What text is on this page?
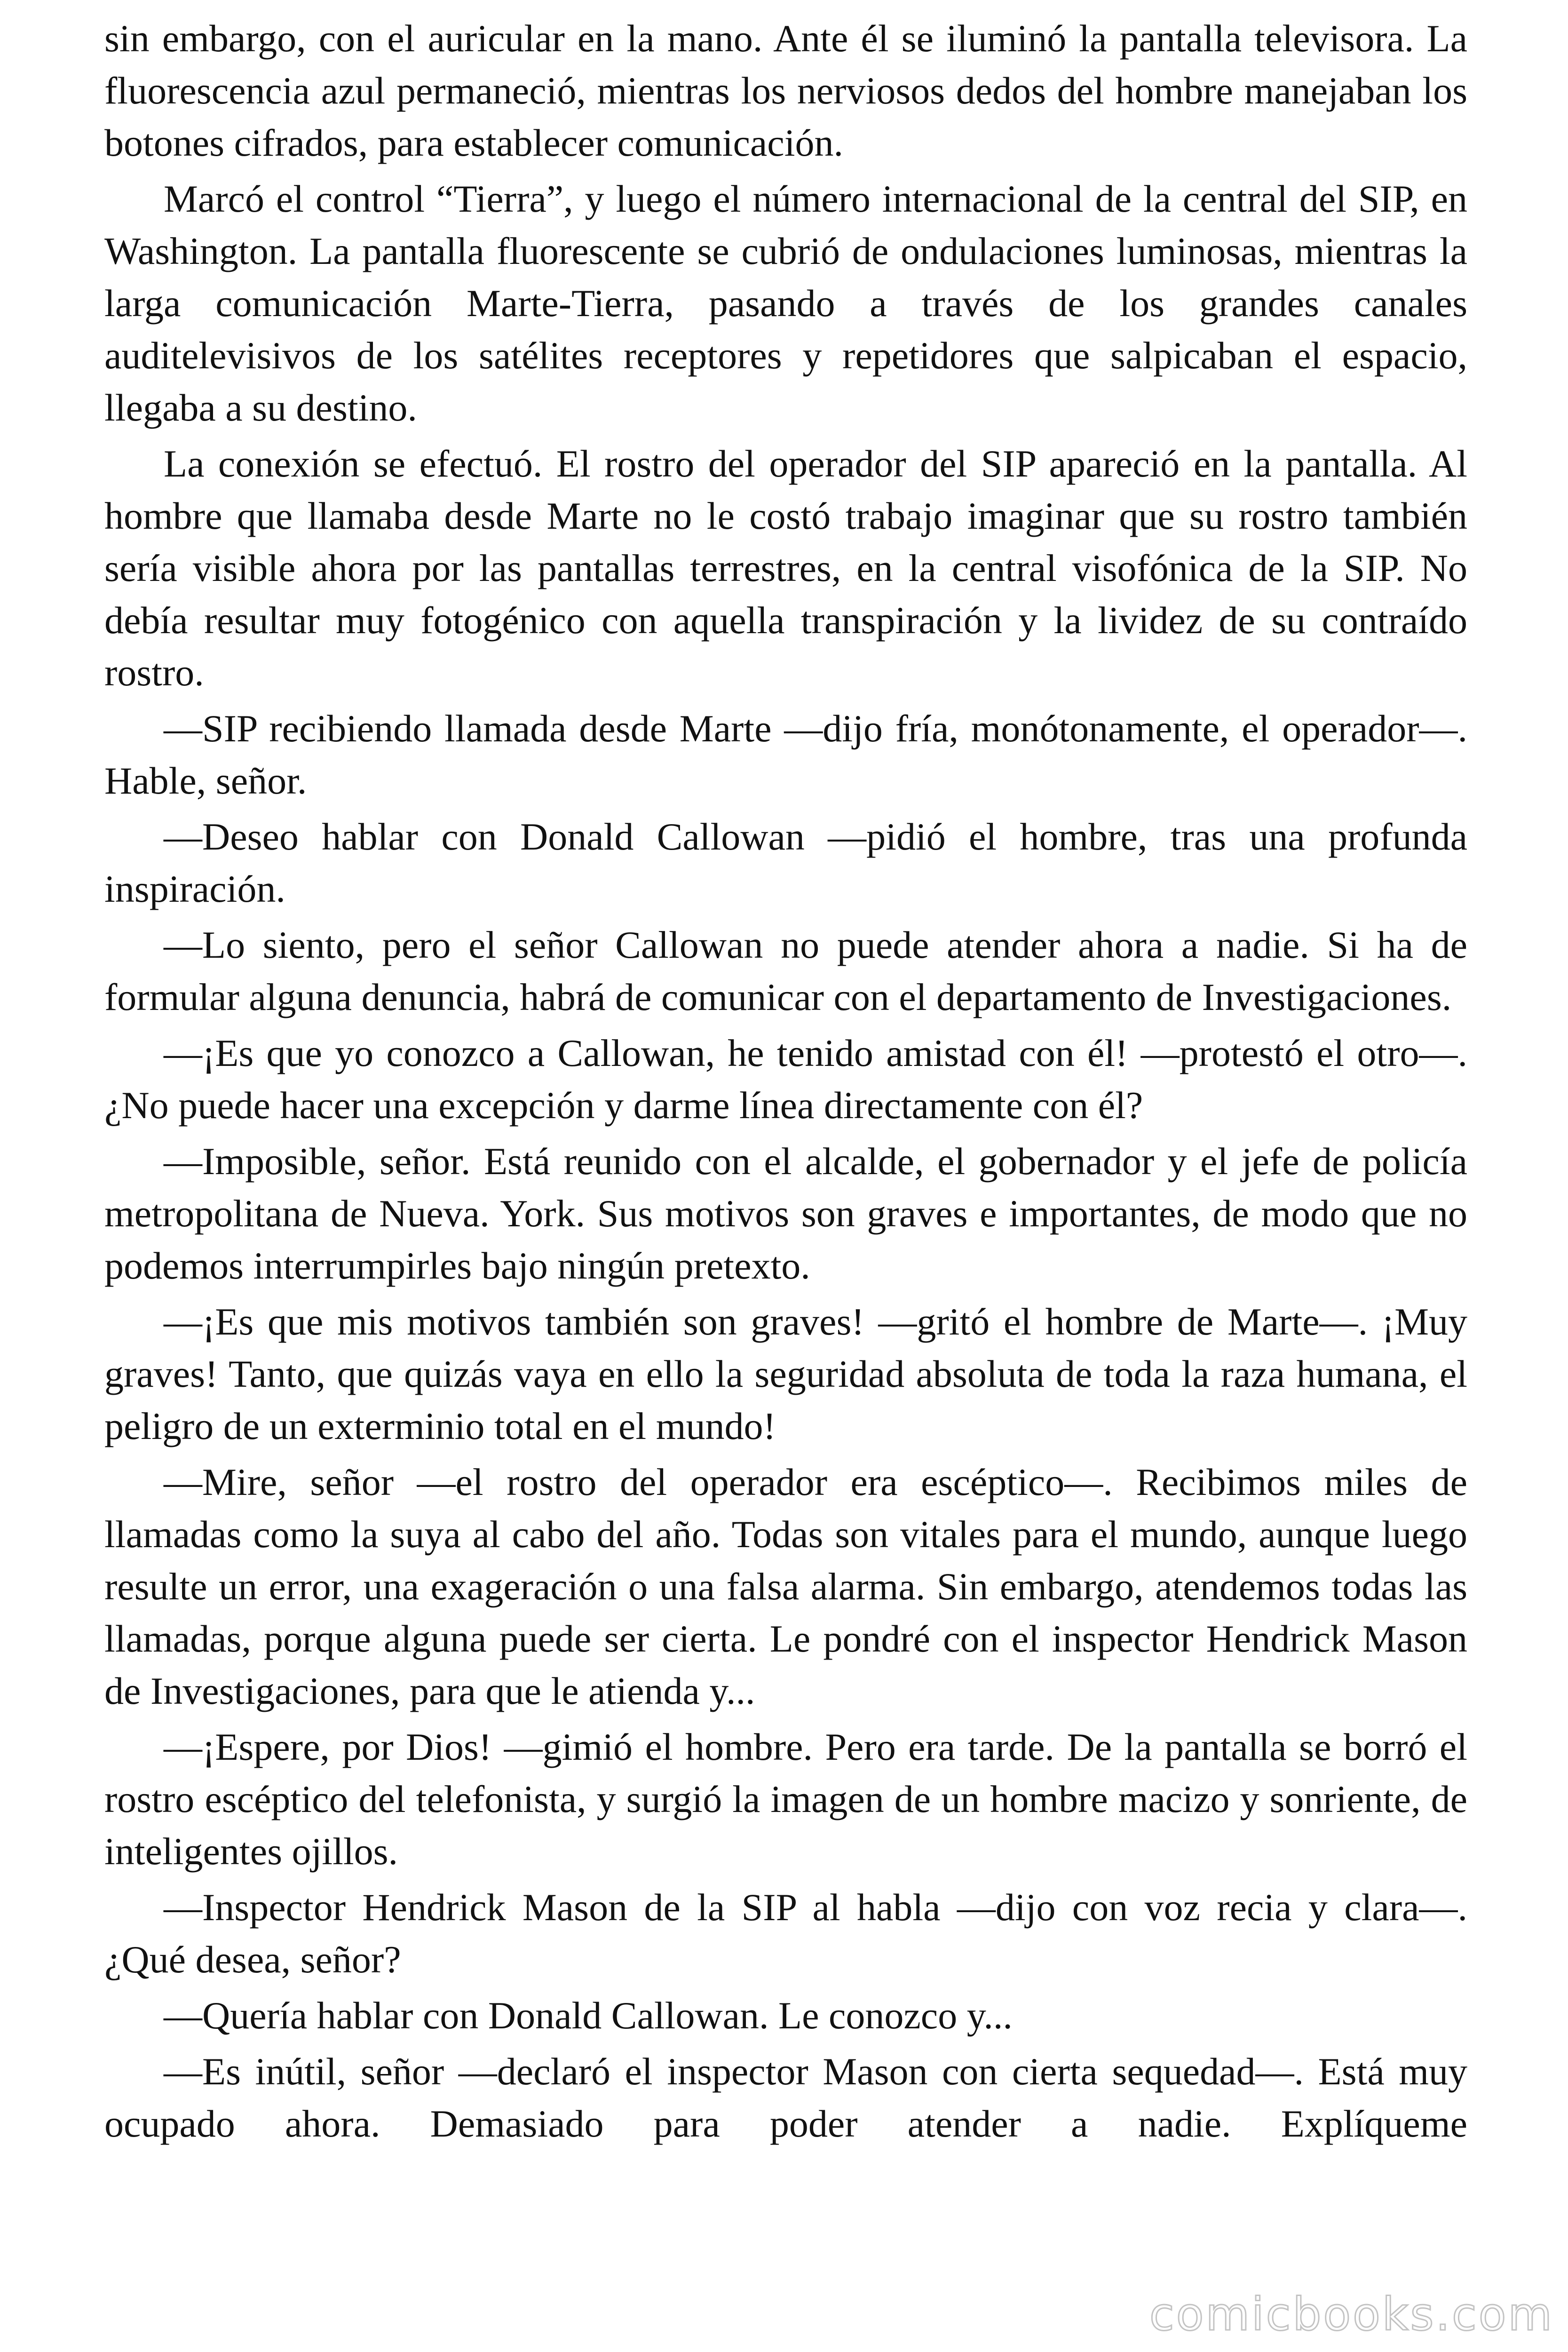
sin embargo, con el auricular en la mano. Ante él se iluminó la pantalla televisora. La fluorescencia azul permaneció, mientras los nerviosos dedos del hombre manejaban los botones cifrados, para establecer comunicación.

Marcó el control “Tierra”, y luego el número internacional de la central del SIP, en Washington. La pantalla fluorescente se cubrió de ondulaciones luminosas, mientras la larga comunicación Marte-Tierra, pasando a través de los grandes canales auditelevisivos de los satélites receptores y repetidores que salpicaban el espacio, llegaba a su destino.

La conexión se efectuó. El rostro del operador del SIP apareció en la pantalla. Al hombre que llamaba desde Marte no le costó trabajo imaginar que su rostro también sería visible ahora por las pantallas terrestres, en la central visofónica de la SIP. No debía resultar muy fotogénico con aquella transpiración y la lividez de su contraído rostro.

—SIP recibiendo llamada desde Marte —dijo fría, monótonamente, el operador—. Hable, señor.

—Deseo hablar con Donald Callowan —pidió el hombre, tras una profunda inspiración.

—Lo siento, pero el señor Callowan no puede atender ahora a nadie. Si ha de formular alguna denuncia, habrá de comunicar con el departamento de Investigaciones.

—¡Es que yo conozco a Callowan, he tenido amistad con él! —protestó el otro—. ¿No puede hacer una excepción y darme línea directamente con él?

—Imposible, señor. Está reunido con el alcalde, el gobernador y el jefe de policía metropolitana de Nueva. York. Sus motivos son graves e importantes, de modo que no podemos interrumpirles bajo ningún pretexto.

—¡Es que mis motivos también son graves! —gritó el hombre de Marte—. ¡Muy graves! Tanto, que quizás vaya en ello la seguridad absoluta de toda la raza humana, el peligro de un exterminio total en el mundo!

—Mire, señor —el rostro del operador era escéptico—. Recibimos miles de llamadas como la suya al cabo del año. Todas son vitales para el mundo, aunque luego resulte un error, una exageración o una falsa alarma. Sin embargo, atendemos todas las llamadas, porque alguna puede ser cierta. Le pondré con el inspector Hendrick Mason de Investigaciones, para que le atienda y...

—¡Espere, por Dios! —gimió el hombre. Pero era tarde. De la pantalla se borró el rostro escéptico del telefonista, y surgió la imagen de un hombre macizo y sonriente, de inteligentes ojillos.

—Inspector Hendrick Mason de la SIP al habla —dijo con voz recia y clara—. ¿Qué desea, señor?

—Quería hablar con Donald Callowan. Le conozco y...

—Es inútil, señor —declaró el inspector Mason con cierta sequedad—. Está muy ocupado ahora. Demasiado para poder atender a nadie. Explíqueme

comicbooks.com
